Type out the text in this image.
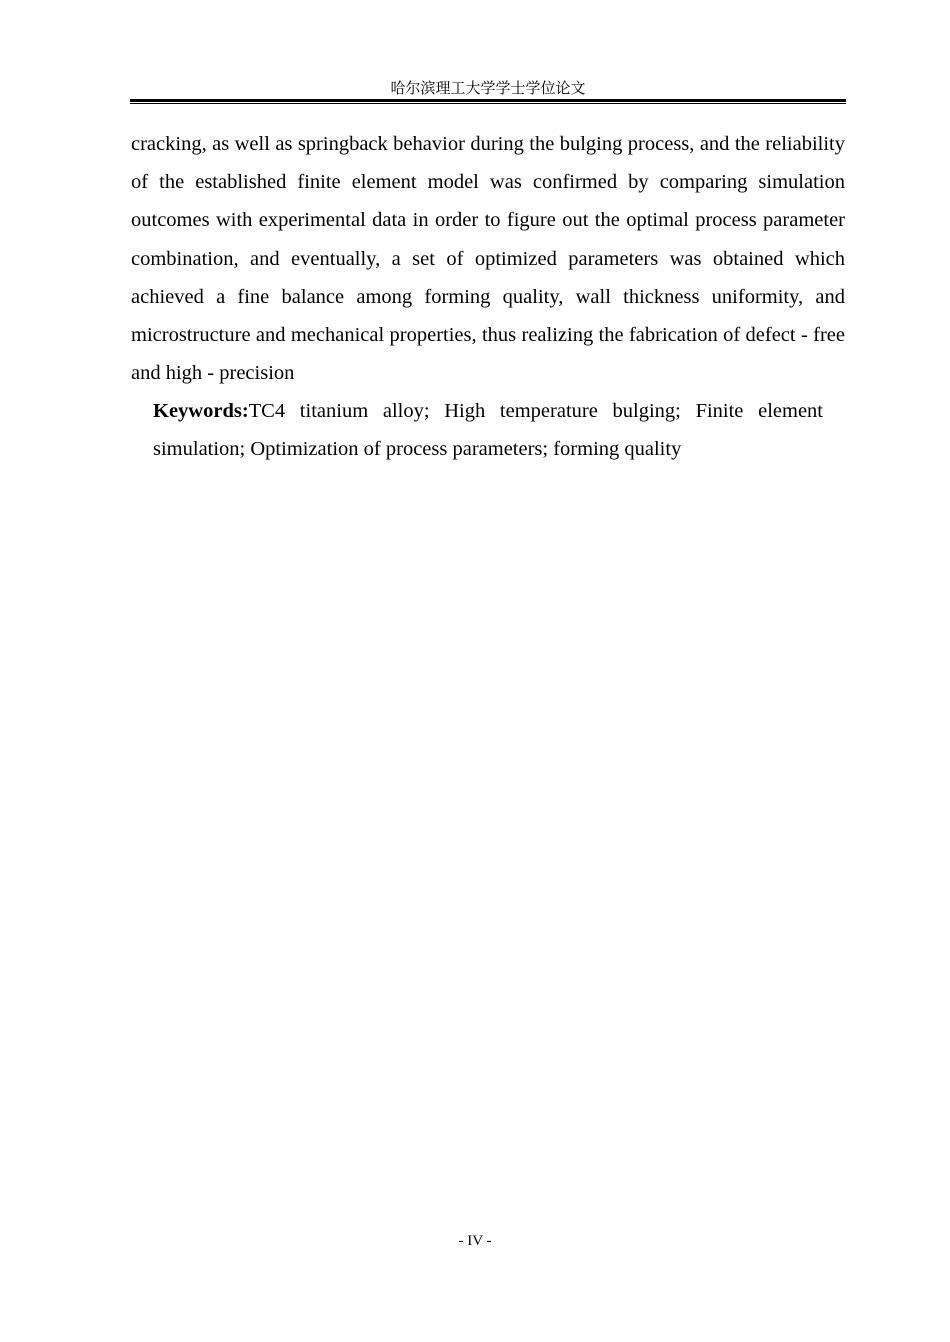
哈尔滨理工大学学士学位论文

cracking, as well as springback behavior during the bulging process, and the reliability of the established finite element model was confirmed by comparing simulation outcomes with experimental data in order to figure out the optimal process parameter combination, and eventually, a set of optimized parameters was obtained which achieved a fine balance among forming quality, wall thickness uniformity, and microstructure and mechanical properties, thus realizing the fabrication of defect - free and high - precision

Keywords:TC4 titanium alloy; High temperature bulging; Finite element simulation; Optimization of process parameters; forming quality

- IV -
